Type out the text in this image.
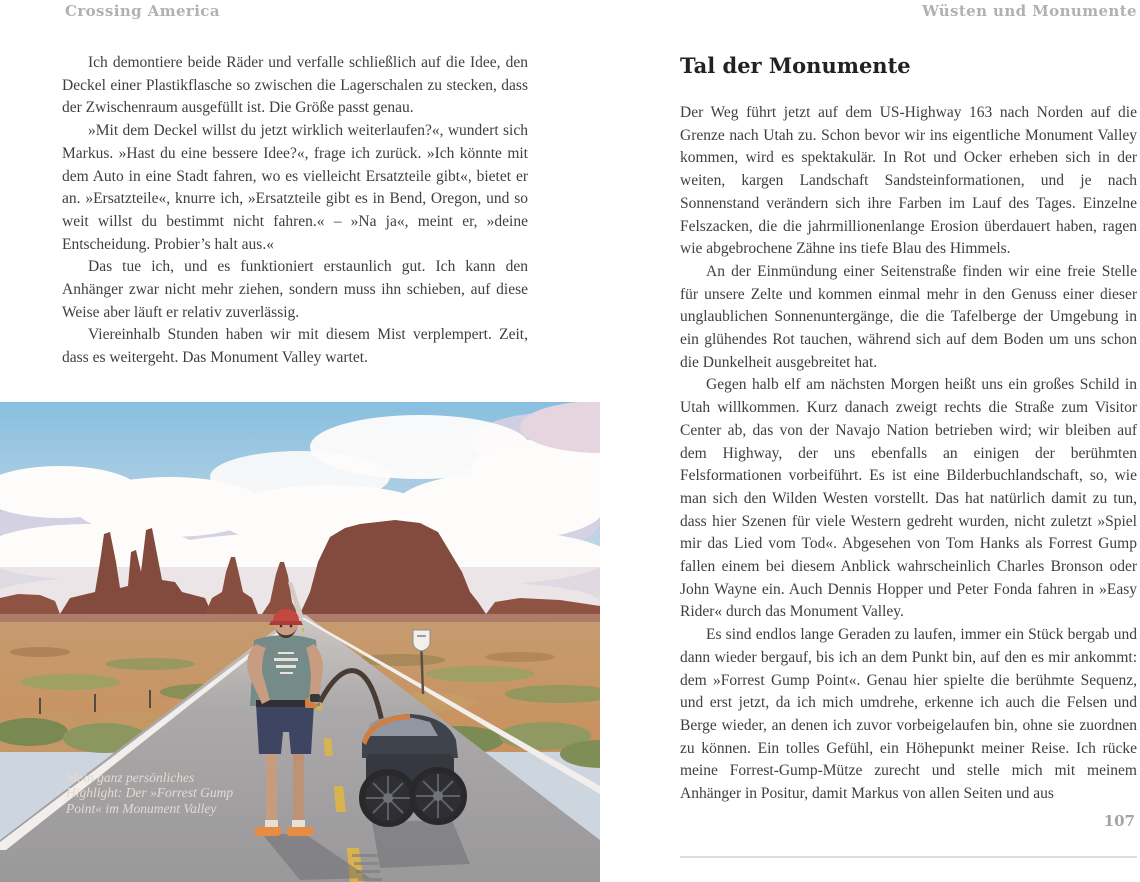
Crossing America	Wüsten und Monumente

Ich demontiere beide Räder und verfalle schließlich auf die Idee, den Deckel einer Plastikflasche so zwischen die Lagerschalen zu stecken, dass der Zwischenraum ausgefüllt ist. Die Größe passt genau.

»Mit dem Deckel willst du jetzt wirklich weiterlaufen?«, wundert sich Markus. »Hast du eine bessere Idee?«, frage ich zurück. »Ich könnte mit dem Auto in eine Stadt fahren, wo es vielleicht Ersatzteile gibt«, bietet er an. »Ersatzteile«, knurre ich, »Ersatzteile gibt es in Bend, Oregon, und so weit willst du bestimmt nicht fahren.« – »Na ja«, meint er, »deine Entscheidung. Probier’s halt aus.«

Das tue ich, und es funktioniert erstaunlich gut. Ich kann den Anhänger zwar nicht mehr ziehen, sondern muss ihn schieben, auf diese Weise aber läuft er relativ zuverlässig.

Viereinhalb Stunden haben wir mit diesem Mist verplempert. Zeit, dass es weitergeht. Das Monument Valley wartet.

Mein ganz persönliches
Highlight: Der »Forrest Gump
Point« im Monument Valley
Tal der Monumente

Der Weg führt jetzt auf dem US-Highway 163 nach Norden auf die Grenze nach Utah zu. Schon bevor wir ins eigentliche Monument Valley kommen, wird es spektakulär. In Rot und Ocker erheben sich in der weiten, kargen Landschaft Sandsteinformationen, und je nach Sonnenstand verändern sich ihre Farben im Lauf des Tages. Einzelne Felszacken, die die jahrmillionenlange Erosion überdauert haben, ragen wie abgebrochene Zähne ins tiefe Blau des Himmels.

An der Einmündung einer Seitenstraße finden wir eine freie Stelle für unsere Zelte und kommen einmal mehr in den Genuss einer dieser unglaublichen Sonnenuntergänge, die die Tafelberge der Umgebung in ein glühendes Rot tauchen, während sich auf dem Boden um uns schon die Dunkelheit ausgebreitet hat.

Gegen halb elf am nächsten Morgen heißt uns ein großes Schild in Utah willkommen. Kurz danach zweigt rechts die Straße zum Visitor Center ab, das von der Navajo Nation betrieben wird; wir bleiben auf dem Highway, der uns ebenfalls an einigen der berühmten Felsformationen vorbeiführt. Es ist eine Bilderbuchlandschaft, so, wie man sich den Wilden Westen vorstellt. Das hat natürlich damit zu tun, dass hier Szenen für viele Western gedreht wurden, nicht zuletzt »Spiel mir das Lied vom Tod«. Abgesehen von Tom Hanks als Forrest Gump fallen einem bei diesem Anblick wahrscheinlich Charles Bronson oder John Wayne ein. Auch Dennis Hopper und Peter Fonda fahren in »Easy Rider« durch das Monument Valley.

Es sind endlos lange Geraden zu laufen, immer ein Stück bergab und dann wieder bergauf, bis ich an dem Punkt bin, auf den es mir ankommt: dem »Forrest Gump Point«. Genau hier spielte die berühmte Sequenz, und erst jetzt, da ich mich umdrehe, erkenne ich auch die Felsen und Berge wieder, an denen ich zuvor vorbeigelaufen bin, ohne sie zuordnen zu können. Ein tolles Gefühl, ein Höhepunkt meiner Reise. Ich rücke meine Forrest-Gump-Mütze zurecht und stelle mich mit meinem Anhänger in Positur, damit Markus von allen Seiten und aus

107
